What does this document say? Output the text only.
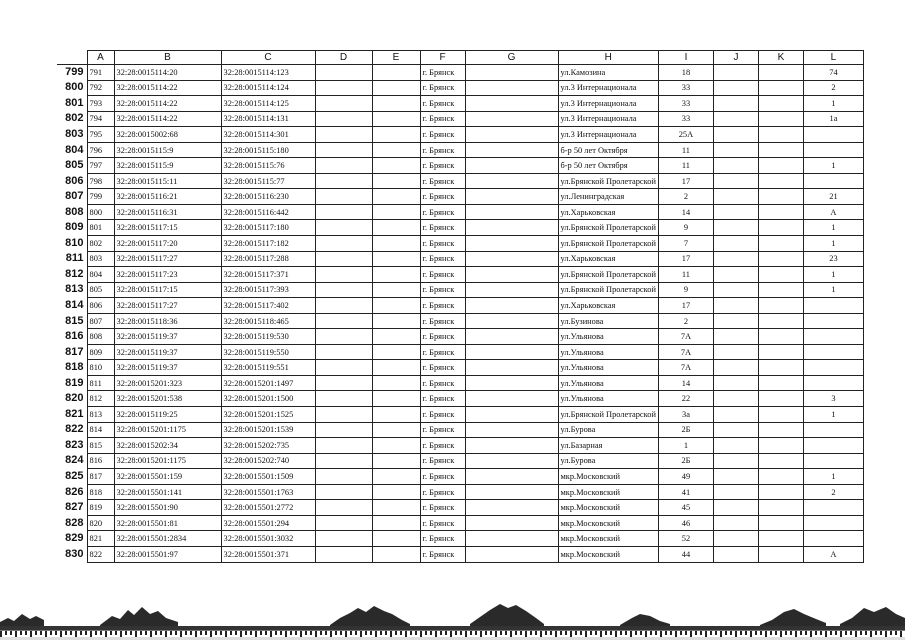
	A	B	C	D	E	F	G	H	I	J	K	L
799	791	32:28:0015114:20	32:28:0015114:123			г. Брянск		ул.Камозина	18			74
800	792	32:28:0015114:22	32:28:0015114:124			г. Брянск		ул.3 Интернационала	33			2
801	793	32:28:0015114:22	32:28:0015114:125			г. Брянск		ул.3 Интернационала	33			1
802	794	32:28:0015114:22	32:28:0015114:131			г. Брянск		ул.3 Интернационала	33			1а
803	795	32:28:0015002:68	32:28:0015114:301			г. Брянск		ул.3 Интернационала	25А			
804	796	32:28:0015115:9	32:28:0015115:180			г. Брянск		б-р 50 лет Октября	11			
805	797	32:28:0015115:9	32:28:0015115:76			г. Брянск		б-р 50 лет Октября	11			1
806	798	32:28:0015115:11	32:28:0015115:77			г. Брянск		ул.Брянской Пролетарской	17			
807	799	32:28:0015116:21	32:28:0015116:230			г. Брянск		ул.Ленинградская	2			21
808	800	32:28:0015116:31	32:28:0015116:442			г. Брянск		ул.Харьковская	14			А
809	801	32:28:0015117:15	32:28:0015117:180			г. Брянск		ул.Брянской Пролетарской	9			1
810	802	32:28:0015117:20	32:28:0015117:182			г. Брянск		ул.Брянской Пролетарской	7			1
811	803	32:28:0015117:27	32:28:0015117:288			г. Брянск		ул.Харьковская	17			23
812	804	32:28:0015117:23	32:28:0015117:371			г. Брянск		ул.Брянской Пролетарской	11			1
813	805	32:28:0015117:15	32:28:0015117:393			г. Брянск		ул.Брянской Пролетарской	9			1
814	806	32:28:0015117:27	32:28:0015117:402			г. Брянск		ул.Харьковская	17			
815	807	32:28:0015118:36	32:28:0015118:465			г. Брянск		ул.Бузинова	2			
816	808	32:28:0015119:37	32:28:0015119:530			г. Брянск		ул.Ульянова	7А			
817	809	32:28:0015119:37	32:28:0015119:550			г. Брянск		ул.Ульянова	7А			
818	810	32:28:0015119:37	32:28:0015119:551			г. Брянск		ул.Ульянова	7А			
819	811	32:28:0015201:323	32:28:0015201:1497			г. Брянск		ул.Ульянова	14			
820	812	32:28:0015201:538	32:28:0015201:1500			г. Брянск		ул.Ульянова	22			3
821	813	32:28:0015119:25	32:28:0015201:1525			г. Брянск		ул.Брянской Пролетарской	3а			1
822	814	32:28:0015201:1175	32:28:0015201:1539			г. Брянск		ул.Бурова	2Б			
823	815	32:28:0015202:34	32:28:0015202:735			г. Брянск		ул.Базарная	1			
824	816	32:28:0015201:1175	32:28:0015202:740			г. Брянск		ул.Бурова	2Б			
825	817	32:28:0015501:159	32:28:0015501:1509			г. Брянск		мкр.Московский	49			1
826	818	32:28:0015501:141	32:28:0015501:1763			г. Брянск		мкр.Московский	41			2
827	819	32:28:0015501:90	32:28:0015501:2772			г. Брянск		мкр.Московский	45			
828	820	32:28:0015501:81	32:28:0015501:294			г. Брянск		мкр.Московский	46			
829	821	32:28:0015501:2834	32:28:0015501:3032			г. Брянск		мкр.Московский	52			
830	822	32:28:0015501:97	32:28:0015501:371			г. Брянск		мкр.Московский	44			А
